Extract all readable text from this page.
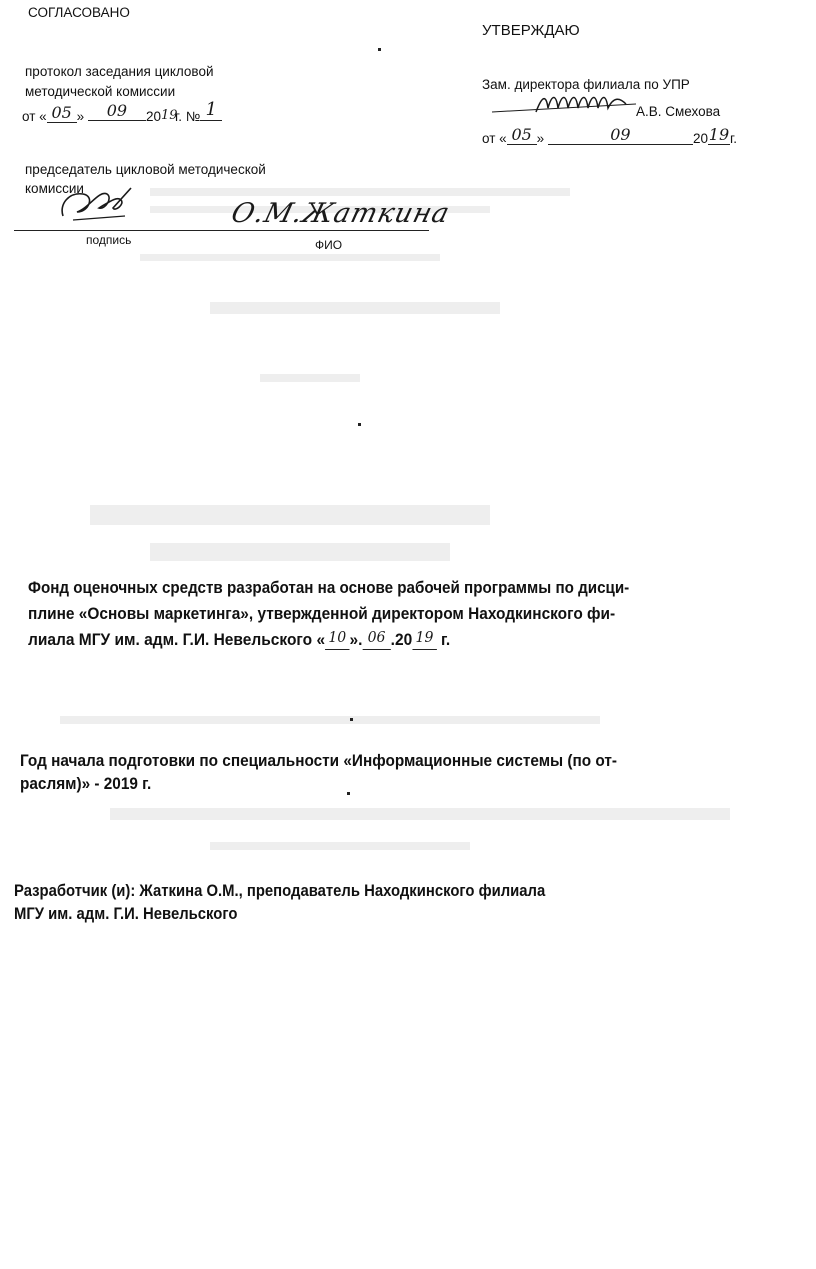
СОГЛАСОВАНО
протокол заседания цикловой
методической комиссии
от « 05 » 09 2019г. № 1
председатель цикловой методической
комиссии
О.М.Жаткина
подпись	ФИО
УТВЕРЖДАЮ
Зам. директора филиала по УПР
А.В. Смехова
от « 05 »	09	2019г.
Фонд оценочных средств разработан на основе рабочей программы по дисци-
плине «Основы маркетинга», утвержденной директором Находкинского фи-
лиала МГУ им. адм. Г.И. Невельского « 10 ». 06 .20 19 г.
Год начала подготовки по специальности «Информационные системы (по от-
раслям)» - 2019 г.
Разработчик (и): Жаткина О.М., преподаватель Находкинского филиала
МГУ им. адм. Г.И. Невельского
